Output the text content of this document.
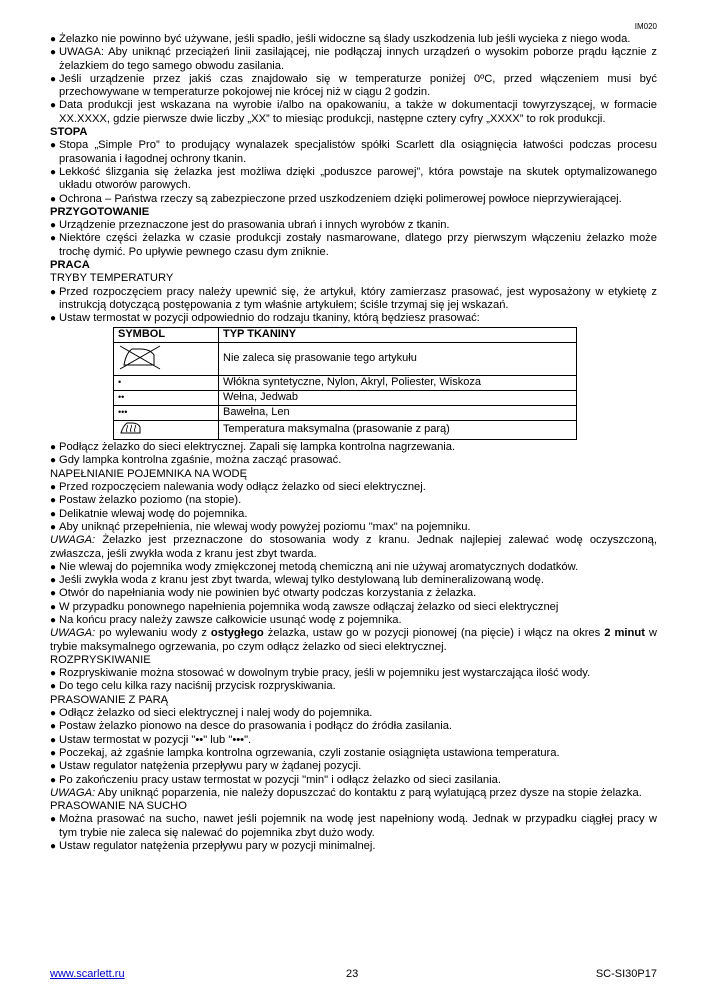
IM020
● Żelazko nie powinno być używane, jeśli spadło, jeśli widoczne są ślady uszkodzenia lub jeśli wycieka z niego woda.
● UWAGA: Aby uniknąć przeciążeń linii zasilającej, nie podłączaj innych urządzeń o wysokim poborze prądu łącznie z żelazkiem do tego samego obwodu zasilania.
● Jeśli urządzenie przez jakiś czas znajdowało się w temperaturze poniżej 0ºC, przed włączeniem musi być przechowywane w temperaturze pokojowej nie krócej niż w ciągu 2 godzin.
● Data produkcji jest wskazana na wyrobie i/albo na opakowaniu, a także w dokumentacji towyrzyszącej, w formacie XX.XXXX, gdzie pierwsze dwie liczby „XX” to miesiąc produkcji, następne cztery cyfry „XXXX” to rok produkcji.
STOPA
● Stopa „Simple Pro” to produjący wynalazek specjalistów spółki Scarlett dla osiągnięcia łatwości podczas procesu prasowania i łagodnej ochrony tkanin.
● Lekkość ślizgania się żelazka jest możliwa dzięki „poduszce parowej”, która powstaje na skutek optymalizowanego układu otworów parowych.
● Ochrona – Państwa rzeczy są zabezpieczone przed uszkodzeniem dzięki polimerowej powłoce nieprzywierającej.
PRZYGOTOWANIE
● Urządzenie przeznaczone jest do prasowania ubrań i innych wyrobów z tkanin.
● Niektóre części żelazka w czasie produkcji zostały nasmarowane, dlatego przy pierwszym włączeniu żelazko może trochę dymić. Po upływie pewnego czasu dym zniknie.
PRACA
TRYBY TEMPERATURY
● Przed rozpoczęciem pracy należy upewnić się, że artykuł, który zamierzasz prasować, jest wyposażony w etykietę z instrukcją dotyczącą postępowania z tym właśnie artykułem; ściśle trzymaj się jej wskazań.
● Ustaw termostat w pozycji odpowiednio do rodzaju tkaniny, którą będziesz prasować:
SYMBOL	TYP TKANINY
	Nie zaleca się prasowanie tego artykułu
•	Włókna syntetyczne, Nylon, Akryl, Poliester, Wiskoza
••	Wełna, Jedwab
•••	Bawełna, Len
	Temperatura maksymalna (prasowanie z parą)
● Podłącz żelazko do sieci elektrycznej. Zapali się lampka kontrolna nagrzewania.
● Gdy lampka kontrolna zgaśnie, można zacząć prasować.
NAPEŁNIANIE POJEMNIKA NA WODĘ
● Przed rozpoczęciem nalewania wody odłącz żelazko od sieci elektrycznej.
● Postaw żelazko poziomo (na stopie).
● Delikatnie wlewaj wodę do pojemnika.
● Aby uniknąć przepełnienia, nie wlewaj wody powyżej poziomu "max" na pojemniku.
UWAGA: Żelazko jest przeznaczone do stosowania wody z kranu. Jednak najlepiej zalewać wodę oczyszczoną, zwłaszcza, jeśli zwykła woda z kranu jest zbyt twarda.
● Nie wlewaj do pojemnika wody zmiękczonej metodą chemiczną ani nie używaj aromatycznych dodatków.
● Jeśli zwykła woda z kranu jest zbyt twarda, wlewaj tylko destylowaną lub demineralizowaną wodę.
● Otwór do napełniania wody nie powinien być otwarty podczas korzystania z żelazka.
● W przypadku ponownego napełnienia pojemnika wodą zawsze odłączaj żelazko od sieci elektrycznej
● Na końcu pracy należy zawsze całkowicie usunąć wodę z pojemnika.
UWAGA: po wylewaniu wody z ostygłego żelazka, ustaw go w pozycji pionowej (na pięcie) i włącz na okres 2 minut w trybie maksymalnego ogrzewania, po czym odłącz żelazko od sieci elektrycznej.
ROZPRYSKIWANIE
● Rozpryskiwanie można stosować w dowolnym trybie pracy, jeśli w pojemniku jest wystarczająca ilość wody.
● Do tego celu kilka razy naciśnij przycisk rozpryskiwania.
PRASOWANIE Z PARĄ
● Odłącz żelazko od sieci elektrycznej i nalej wody do pojemnika.
● Postaw żelazko pionowo na desce do prasowania i podłącz do źródła zasilania.
● Ustaw termostat w pozycji "••" lub "•••".
● Poczekaj, aż zgaśnie lampka kontrolna ogrzewania, czyli zostanie osiągnięta ustawiona temperatura.
● Ustaw regulator natężenia przepływu pary w żądanej pozycji.
● Po zakończeniu pracy ustaw termostat w pozycji "min" i odłącz żelazko od sieci zasilania.
UWAGA: Aby uniknąć poparzenia, nie należy dopuszczać do kontaktu z parą wylatującą przez dysze na stopie żelazka.
PRASOWANIE NA SUCHO
● Można prasować na sucho, nawet jeśli pojemnik na wodę jest napełniony wodą. Jednak w przypadku ciągłej pracy w tym trybie nie zaleca się nalewać do pojemnika zbyt dużo wody.
● Ustaw regulator natężenia przepływu pary w pozycji minimalnej.
www.scarlett.ru	23	SC-SI30P17
